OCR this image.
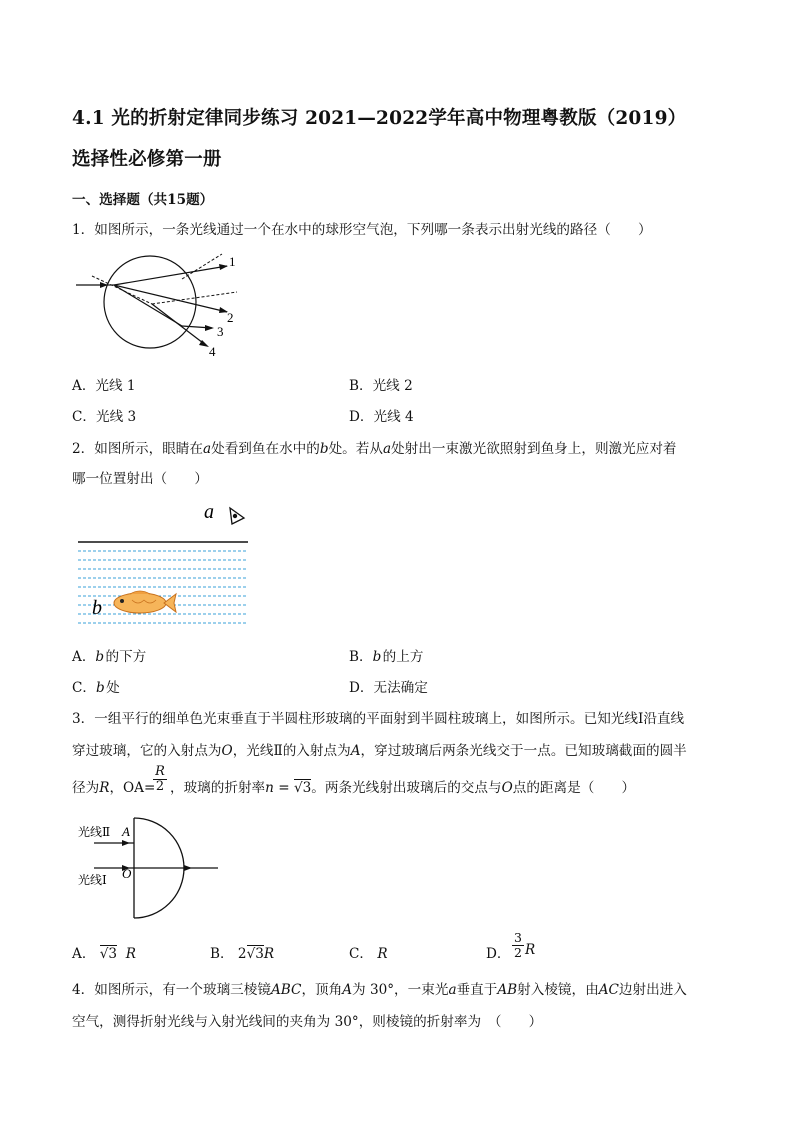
4.1 光的折射定律同步练习 2021—2022学年高中物理粤教版（2019）
选择性必修第一册
一、选择题（共15题）
1．如图所示，一条光线通过一个在水中的球形空气泡，下列哪一条表示出射光线的路径（　　）
1
2
3
4
A．光线 1	B．光线 2
C．光线 3	D．光线 4
2．如图所示，眼睛在a处看到鱼在水中的b处。若从a处射出一束激光欲照射到鱼身上，则激光应对着
哪一位置射出（　　）
a
b
A．b 的下方	B．b 的上方
C．b 处	D．无法确定
3．一组平行的细单色光束垂直于半圆柱形玻璃的平面射到半圆柱玻璃上，如图所示。已知光线Ⅰ沿直线
穿过玻璃，它的入射点为O，光线Ⅱ的入射点为A，穿过玻璃后两条光线交于一点。已知玻璃截面的圆半
径为R，OA=
R
2 ，玻璃的折射率n = √3。两条光线射出玻璃后的交点与O点的距离是（　　）
光线Ⅱ A
O
光线Ⅰ
A． √3 R	B． 2√3R	C． R	D．
3
2 R
4．如图所示，有一个玻璃三棱镜ABC，顶角A为 30°，一束光a垂直于AB射入棱镜，由AC边射出进入
空气，测得折射光线与入射光线间的夹角为 30°，则棱镜的折射率为　（　　）
